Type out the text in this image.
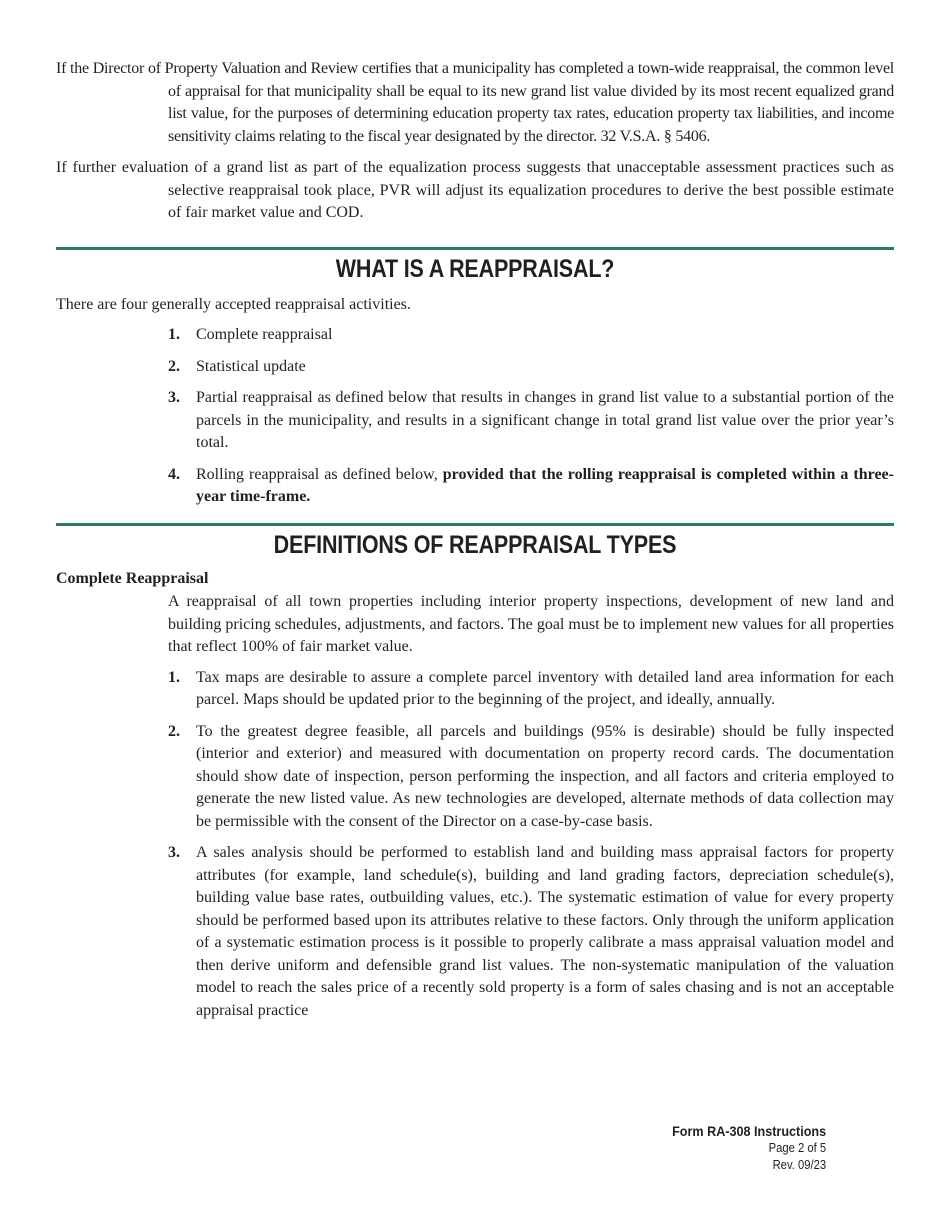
If the Director of Property Valuation and Review certifies that a municipality has completed a town-wide reappraisal, the common level of appraisal for that municipality shall be equal to its new grand list value divided by its most recent equalized grand list value, for the purposes of determining education property tax rates, education property tax liabilities, and income sensitivity claims relating to the fiscal year designated by the director. 32 V.S.A. § 5406.

If further evaluation of a grand list as part of the equalization process suggests that unacceptable assessment practices such as selective reappraisal took place, PVR will adjust its equalization procedures to derive the best possible estimate of fair market value and COD.

WHAT IS A REAPPRAISAL?

There are four generally accepted reappraisal activities.

1. Complete reappraisal
2. Statistical update
3. Partial reappraisal as defined below that results in changes in grand list value to a substantial portion of the parcels in the municipality, and results in a significant change in total grand list value over the prior year’s total.
4. Rolling reappraisal as defined below, provided that the rolling reappraisal is completed within a three-year time-frame.
DEFINITIONS OF REAPPRAISAL TYPES

Complete Reappraisal

A reappraisal of all town properties including interior property inspections, development of new land and building pricing schedules, adjustments, and factors. The goal must be to implement new values for all properties that reflect 100% of fair market value.

1. Tax maps are desirable to assure a complete parcel inventory with detailed land area information for each parcel. Maps should be updated prior to the beginning of the project, and ideally, annually.
2. To the greatest degree feasible, all parcels and buildings (95% is desirable) should be fully inspected (interior and exterior) and measured with documentation on property record cards. The documentation should show date of inspection, person performing the inspection, and all factors and criteria employed to generate the new listed value. As new technologies are developed, alternate methods of data collection may be permissible with the consent of the Director on a case-by-case basis.
3. A sales analysis should be performed to establish land and building mass appraisal factors for property attributes (for example, land schedule(s), building and land grading factors, depreciation schedule(s), building value base rates, outbuilding values, etc.). The systematic estimation of value for every property should be performed based upon its attributes relative to these factors. Only through the uniform application of a systematic estimation process is it possible to properly calibrate a mass appraisal valuation model and then derive uniform and defensible grand list values. The non-systematic manipulation of the valuation model to reach the sales price of a recently sold property is a form of sales chasing and is not an acceptable appraisal practice
Form RA-308 Instructions
Page 2 of 5
Rev. 09/23
